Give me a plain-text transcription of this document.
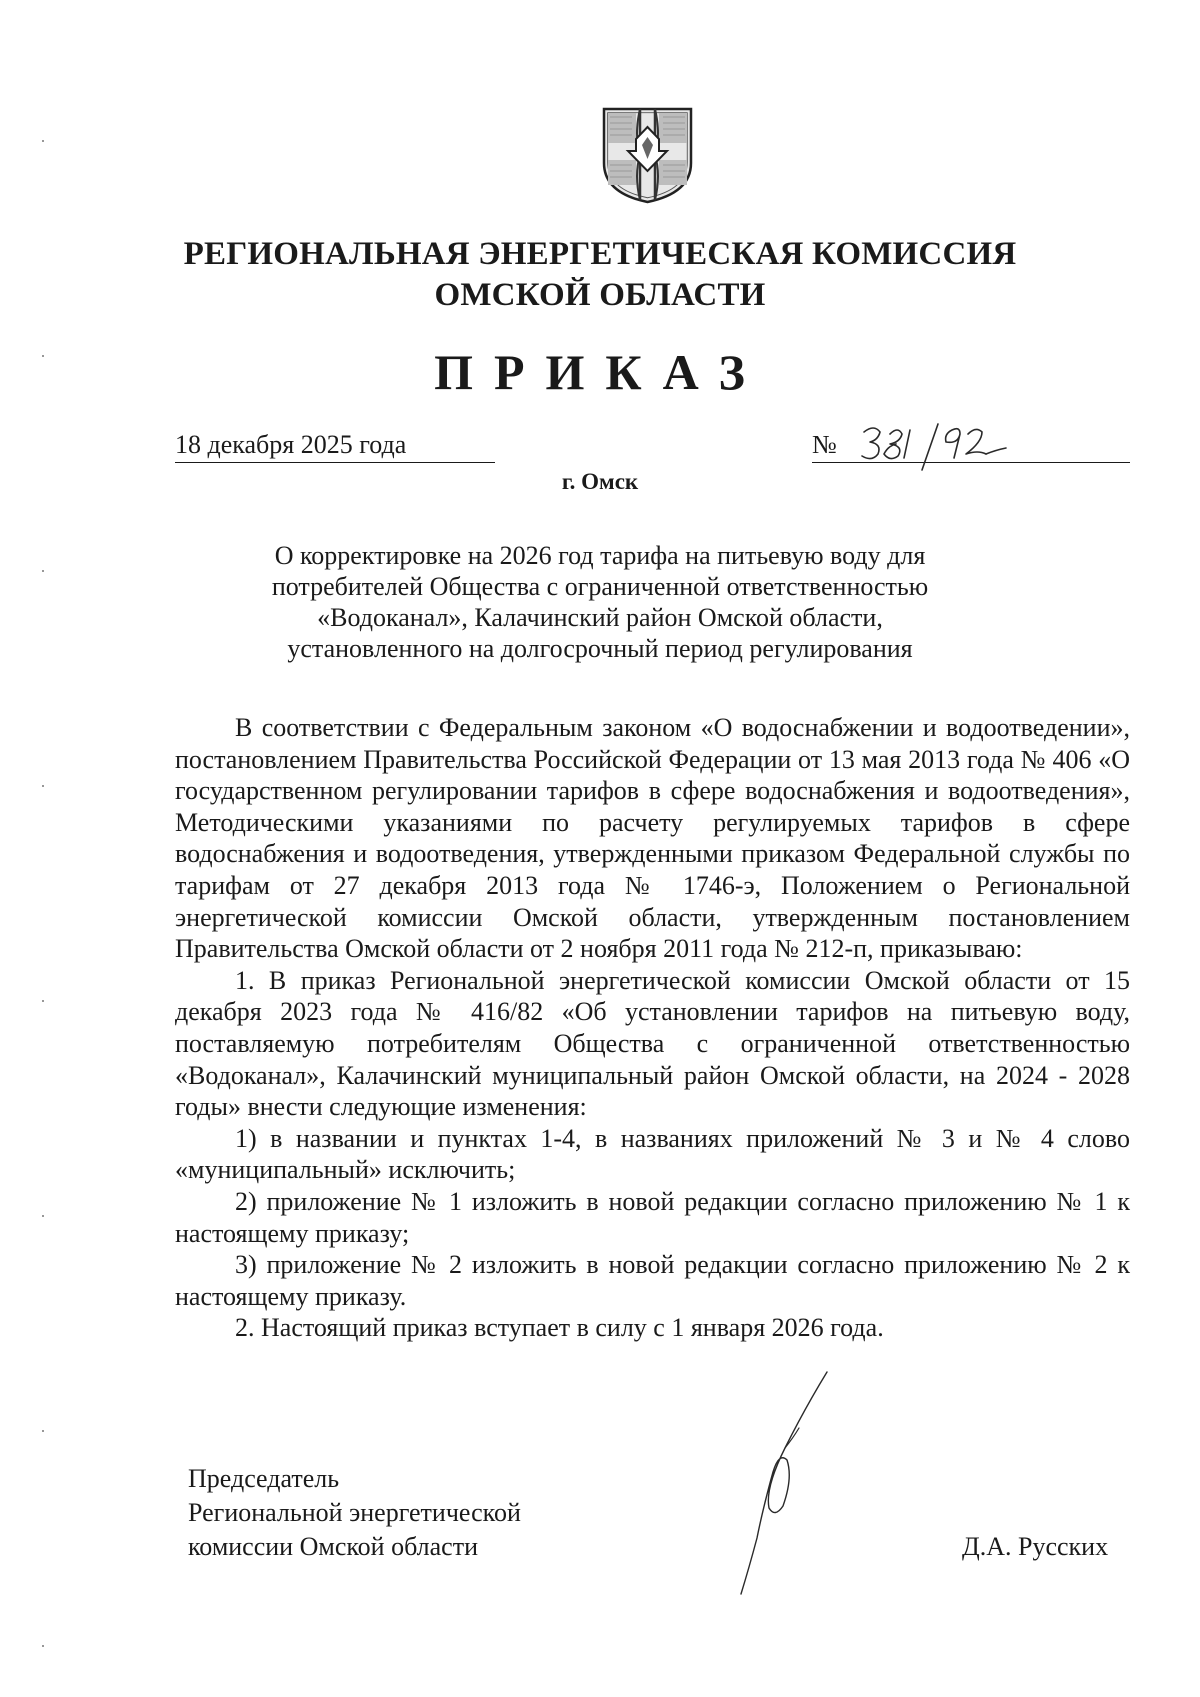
РЕГИОНАЛЬНАЯ ЭНЕРГЕТИЧЕСКАЯ КОМИССИЯ
ОМСКОЙ ОБЛАСТИ
ПРИКАЗ
18 декабря 2025 года	№
381/92
г. Омск
О корректировке на 2026 год тарифа на питьевую воду для
потребителей Общества с ограниченной ответственностью
«Водоканал», Калачинский район Омской области,
установленного на долгосрочный период регулирования

В соответствии с Федеральным законом «О водоснабжении и водоотведении», постановлением Правительства Российской Федерации от 13 мая 2013 года № 406 «О государственном регулировании тарифов в сфере водоснабжения и водоотведения», Методическими указаниями по расчету регулируемых тарифов в сфере водоснабжения и водоотведения, утвержденными приказом Федеральной службы по тарифам от 27 декабря 2013 года № 1746-э, Положением о Региональной энергетической комиссии Омской области, утвержденным постановлением Правительства Омской области от 2 ноября 2011 года № 212-п, приказываю:

1. В приказ Региональной энергетической комиссии Омской области от 15 декабря 2023 года № 416/82 «Об установлении тарифов на питьевую воду, поставляемую потребителям Общества с ограниченной ответственностью «Водоканал», Калачинский муниципальный район Омской области, на 2024 - 2028 годы» внести следующие изменения:

1) в названии и пунктах 1-4, в названиях приложений № 3 и № 4 слово «муниципальный» исключить;

2) приложение № 1 изложить в новой редакции согласно приложению № 1 к настоящему приказу;

3) приложение № 2 изложить в новой редакции согласно приложению № 2 к настоящему приказу.

2. Настоящий приказ вступает в силу с 1 января 2026 года.

Председатель
Региональной энергетической
комиссии Омской области	Д.А. Русских
